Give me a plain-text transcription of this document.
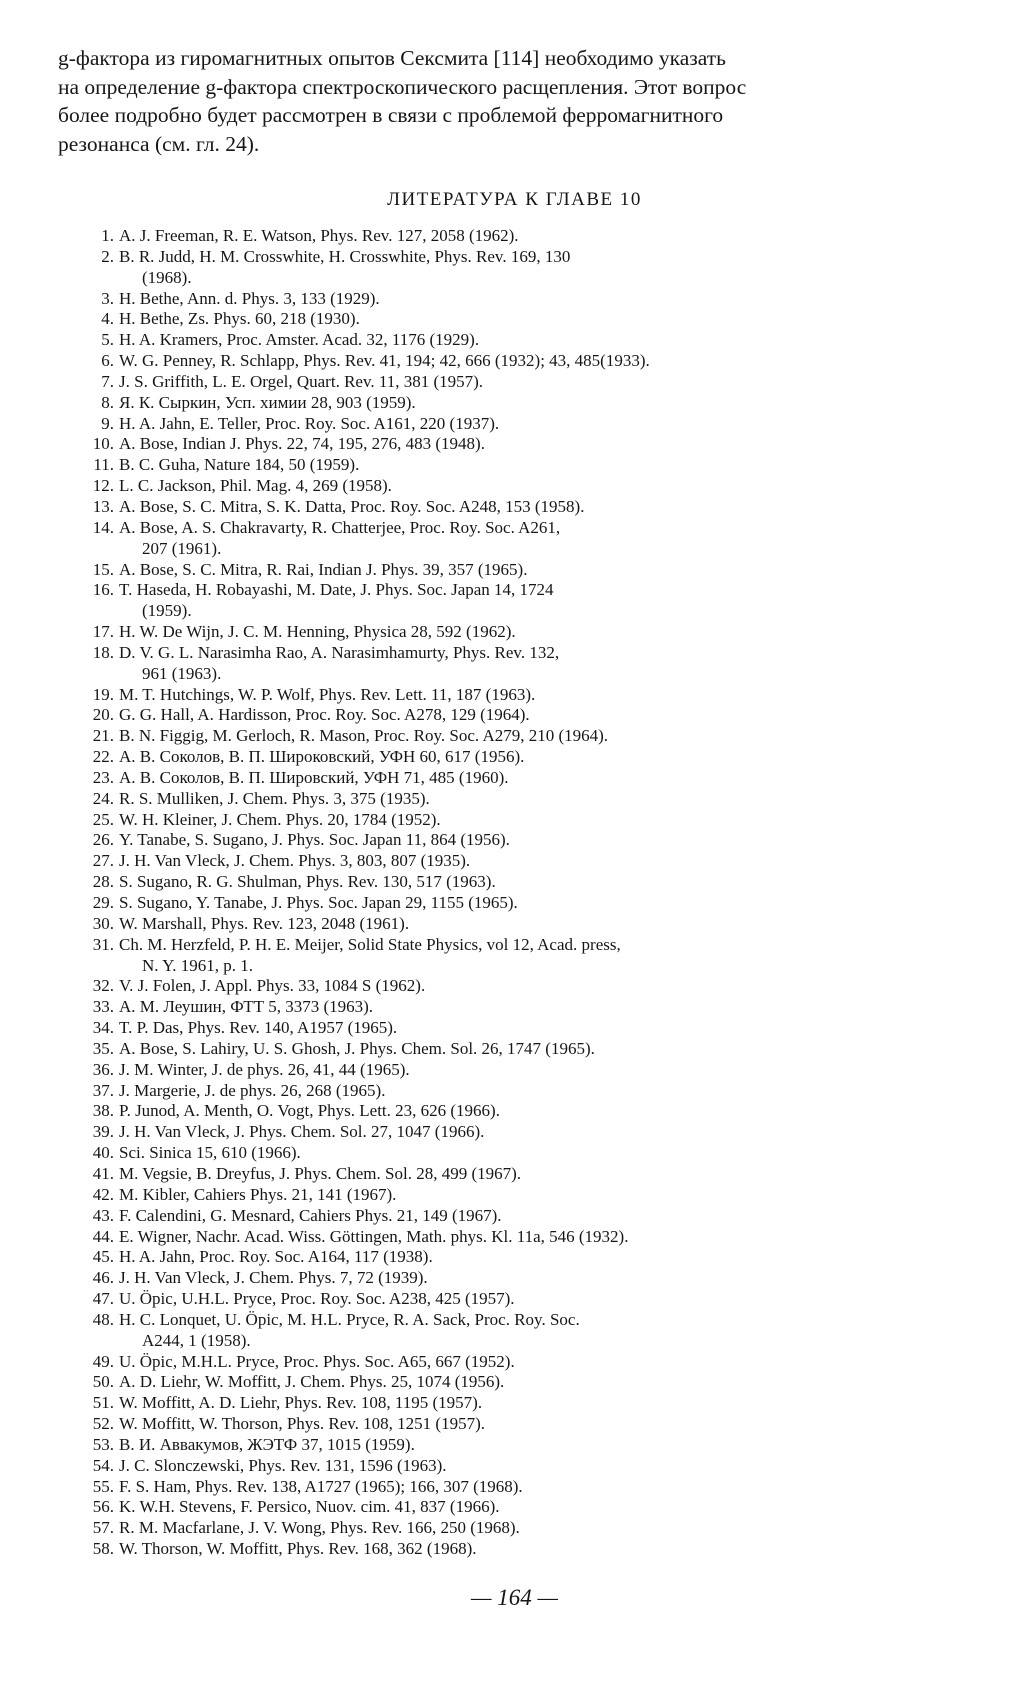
g-фактора из гиромагнитных опытов Сексмита [114] необходимо указать
на определение g-фактора спектроскопического расщепления. Этот вопрос
более подробно будет рассмотрен в связи с проблемой ферромагнитного
резонанса (см. гл. 24).
ЛИТЕРАТУРА К ГЛАВЕ 10
1. A. J. Freeman, R. E. Watson, Phys. Rev. 127, 2058 (1962).
2. B. R. Judd, H. M. Crosswhite, H. Crosswhite, Phys. Rev. 169, 130
(1968).
3. H. Bethe, Ann. d. Phys. 3, 133 (1929).
4. H. Bethe, Zs. Phys. 60, 218 (1930).
5. H. A. Kramers, Proc. Amster. Acad. 32, 1176 (1929).
6. W. G. Penney, R. Schlapp, Phys. Rev. 41, 194; 42, 666 (1932); 43, 485(1933).
7. J. S. Griffith, L. E. Orgel, Quart. Rev. 11, 381 (1957).
8. Я. К. Сыркин, Усп. химии 28, 903 (1959).
9. H. A. Jahn, E. Teller, Proc. Roy. Soc. A161, 220 (1937).
10. A. Bose, Indian J. Phys. 22, 74, 195, 276, 483 (1948).
11. B. C. Guha, Nature 184, 50 (1959).
12. L. C. Jackson, Phil. Mag. 4, 269 (1958).
13. A. Bose, S. C. Mitra, S. K. Datta, Proc. Roy. Soc. A248, 153 (1958).
14. A. Bose, A. S. Chakravarty, R. Chatterjee, Proc. Roy. Soc. A261,
207 (1961).
15. A. Bose, S. C. Mitra, R. Rai, Indian J. Phys. 39, 357 (1965).
16. T. Haseda, H. Robayashi, M. Date, J. Phys. Soc. Japan 14, 1724
(1959).
17. H. W. De Wijn, J. C. M. Henning, Physica 28, 592 (1962).
18. D. V. G. L. Narasimha Rao, A. Narasimhamurty, Phys. Rev. 132,
961 (1963).
19. M. T. Hutchings, W. P. Wolf, Phys. Rev. Lett. 11, 187 (1963).
20. G. G. Hall, A. Hardisson, Proc. Roy. Soc. A278, 129 (1964).
21. B. N. Figgig, M. Gerloch, R. Mason, Proc. Roy. Soc. A279, 210 (1964).
22. A. B. Соколов, В. П. Широковский, УФН 60, 617 (1956).
23. A. B. Соколов, В. П. Шировский, УФН 71, 485 (1960).
24. R. S. Mulliken, J. Chem. Phys. 3, 375 (1935).
25. W. H. Kleiner, J. Chem. Phys. 20, 1784 (1952).
26. Y. Tanabe, S. Sugano, J. Phys. Soc. Japan 11, 864 (1956).
27. J. H. Van Vleck, J. Chem. Phys. 3, 803, 807 (1935).
28. S. Sugano, R. G. Shulman, Phys. Rev. 130, 517 (1963).
29. S. Sugano, Y. Tanabe, J. Phys. Soc. Japan 29, 1155 (1965).
30. W. Marshall, Phys. Rev. 123, 2048 (1961).
31. Ch. M. Herzfeld, P. H. E. Meijer, Solid State Physics, vol 12, Acad. press,
N. Y. 1961, p. 1.
32. V. J. Folen, J. Appl. Phys. 33, 1084 S (1962).
33. A. M. Леушин, ФТТ 5, 3373 (1963).
34. T. P. Das, Phys. Rev. 140, A1957 (1965).
35. A. Bose, S. Lahiry, U. S. Ghosh, J. Phys. Chem. Sol. 26, 1747 (1965).
36. J. M. Winter, J. de phys. 26, 41, 44 (1965).
37. J. Margerie, J. de phys. 26, 268 (1965).
38. P. Junod, A. Menth, O. Vogt, Phys. Lett. 23, 626 (1966).
39. J. H. Van Vleck, J. Phys. Chem. Sol. 27, 1047 (1966).
40. Sci. Sinica 15, 610 (1966).
41. M. Vegsie, B. Dreyfus, J. Phys. Chem. Sol. 28, 499 (1967).
42. M. Kibler, Cahiers Phys. 21, 141 (1967).
43. F. Calendini, G. Mesnard, Cahiers Phys. 21, 149 (1967).
44. E. Wigner, Nachr. Acad. Wiss. Göttingen, Math. phys. Kl. 11a, 546 (1932).
45. H. A. Jahn, Proc. Roy. Soc. A164, 117 (1938).
46. J. H. Van Vleck, J. Chem. Phys. 7, 72 (1939).
47. U. Öpic, U.H.L. Pryce, Proc. Roy. Soc. A238, 425 (1957).
48. H. C. Lonquet, U. Öpic, M. H.L. Pryce, R. A. Sack, Proc. Roy. Soc.
A244, 1 (1958).
49. U. Öpic, M.H.L. Pryce, Proc. Phys. Soc. A65, 667 (1952).
50. A. D. Liehr, W. Moffitt, J. Chem. Phys. 25, 1074 (1956).
51. W. Moffitt, A. D. Liehr, Phys. Rev. 108, 1195 (1957).
52. W. Moffitt, W. Thorson, Phys. Rev. 108, 1251 (1957).
53. B. И. Аввакумов, ЖЭТФ 37, 1015 (1959).
54. J. C. Slonczewski, Phys. Rev. 131, 1596 (1963).
55. F. S. Ham, Phys. Rev. 138, A1727 (1965); 166, 307 (1968).
56. K. W.H. Stevens, F. Persico, Nuov. cim. 41, 837 (1966).
57. R. M. Macfarlane, J. V. Wong, Phys. Rev. 166, 250 (1968).
58. W. Thorson, W. Moffitt, Phys. Rev. 168, 362 (1968).
— 164 —
